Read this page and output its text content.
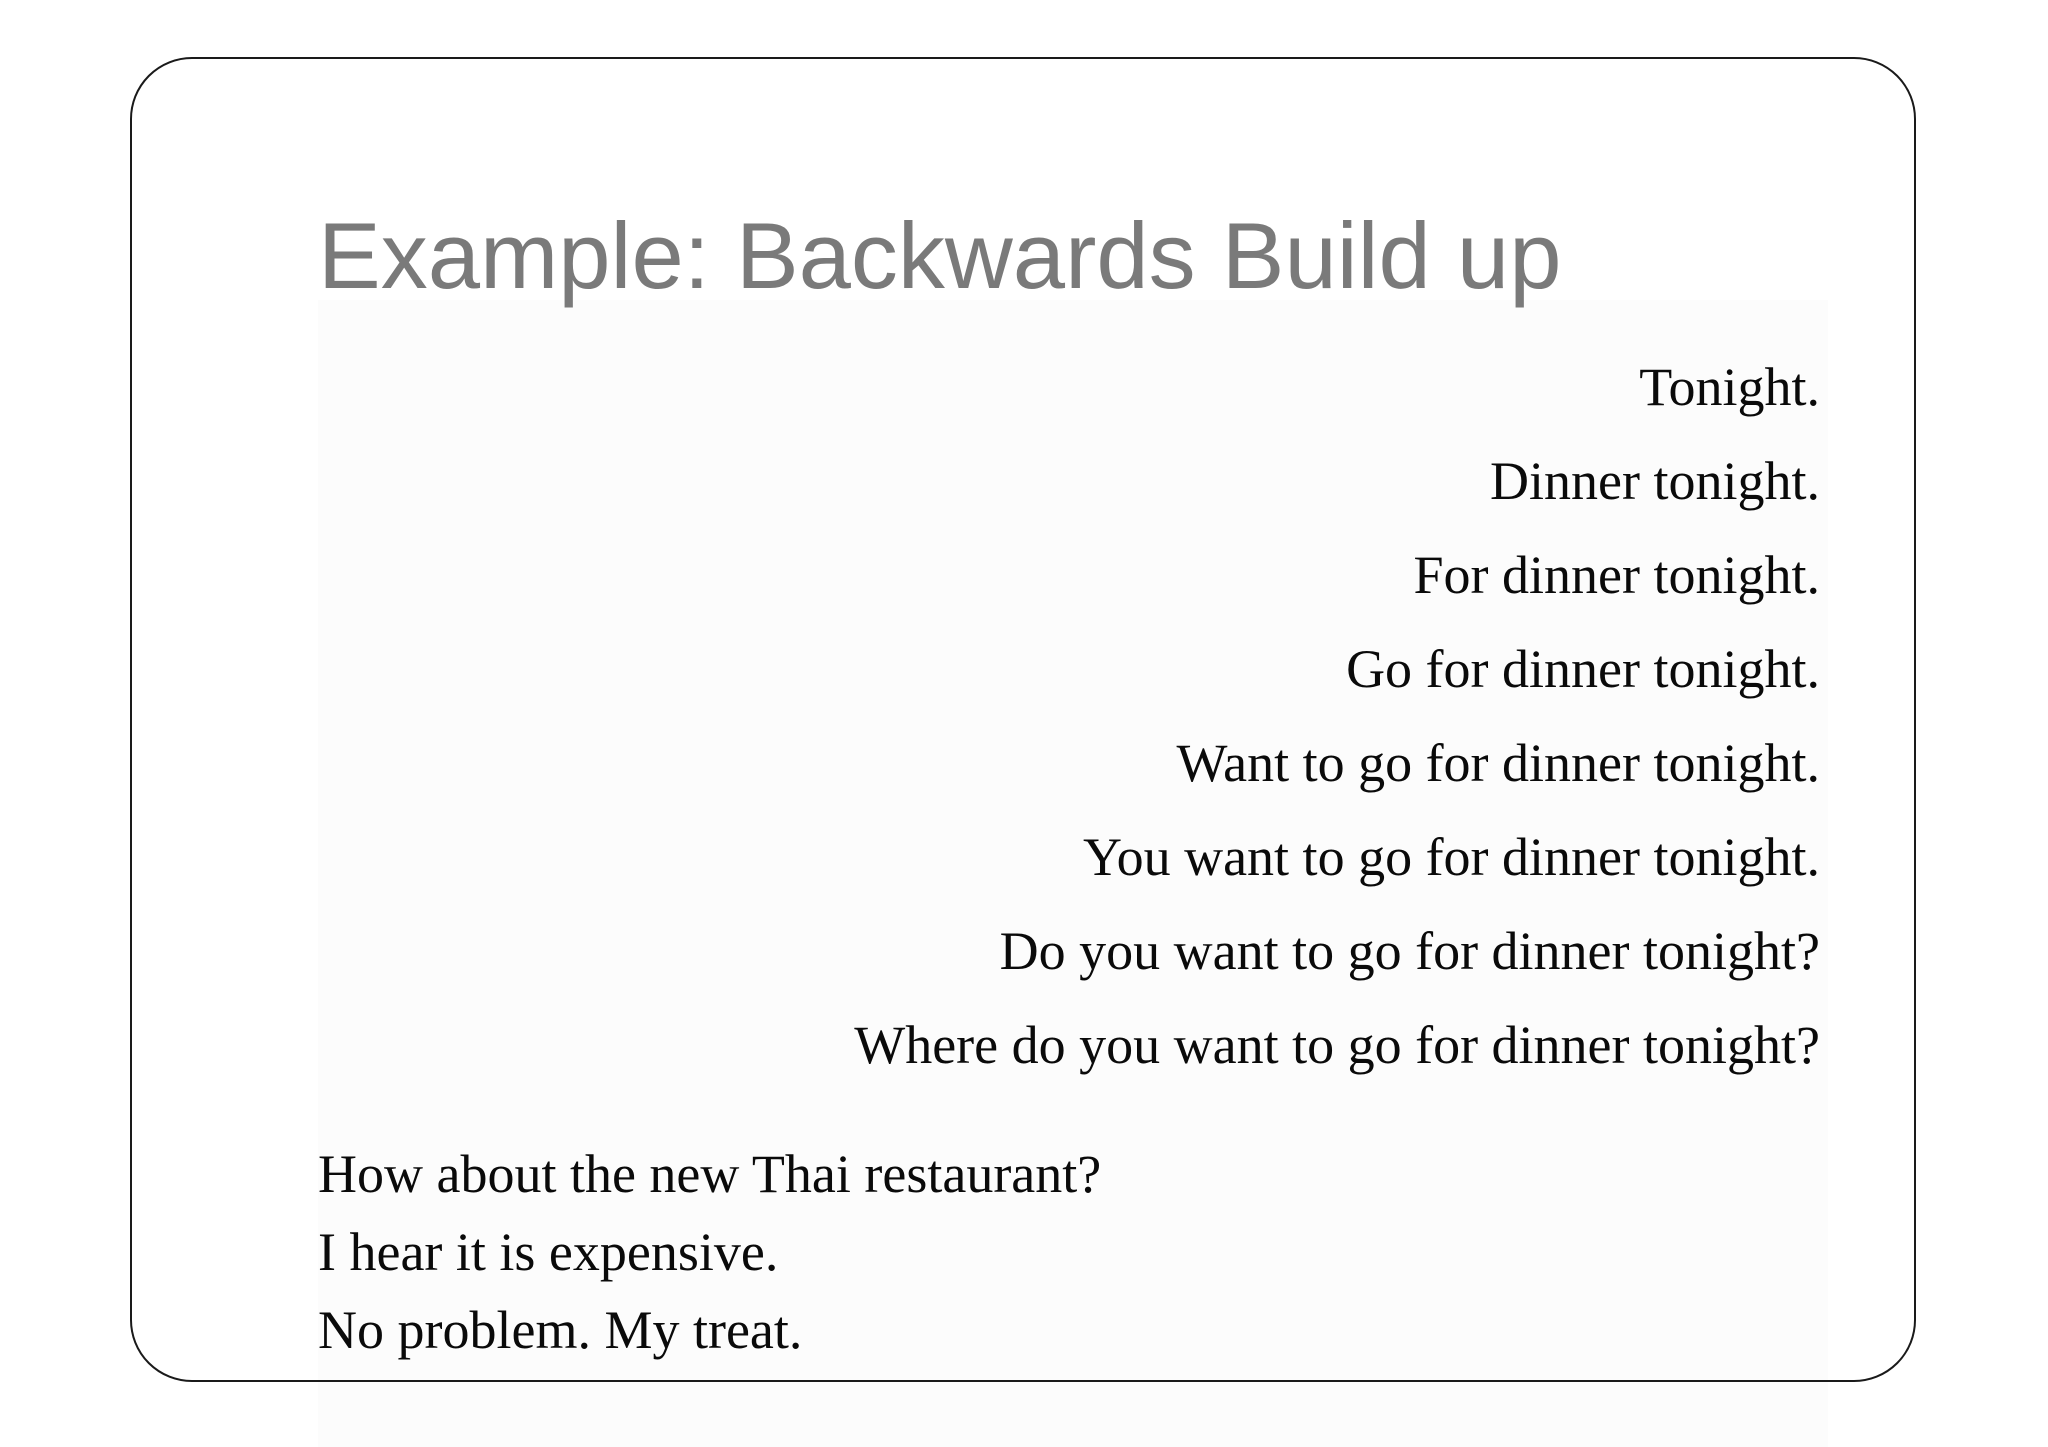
Example: Backwards Build up
Tonight.
Dinner tonight.
For dinner tonight.
Go for dinner tonight.
Want to go for dinner tonight.
You want to go for dinner tonight.
Do you want to go for dinner tonight?
Where do you want to go for dinner tonight?
How about the new Thai restaurant?
I hear it is expensive.
No problem. My treat.
